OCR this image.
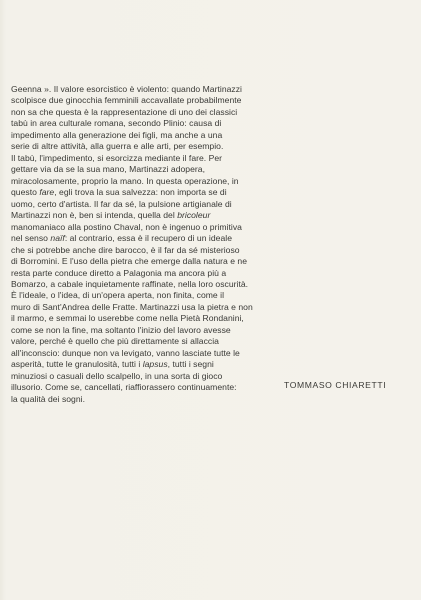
Geenna ». Il valore esorcistico è violento: quando Martinazzi
scolpisce due ginocchia femminili accavallate probabilmente
non sa che questa è la rappresentazione di uno dei classici
tabù in area culturale romana, secondo Plinio: causa di
impedimento alla generazione dei figli, ma anche a una
serie di altre attività, alla guerra e alle arti, per esempio.
Il tabù, l'impedimento, si esorcizza mediante il fare. Per
gettare via da se la sua mano, Martinazzi adopera,
miracolosamente, proprio la mano. In questa operazione, in
questo fare, egli trova la sua salvezza: non importa se di
uomo, certo d'artista. Il far da sé, la pulsione artigianale di
Martinazzi non è, ben si intenda, quella del bricoleur
manomaniaco alla postino Chaval, non è ingenuo o primitiva
nel senso naïf: al contrario, essa è il recupero di un ideale
che si potrebbe anche dire barocco, è il far da sé misterioso
di Borromini. E l'uso della pietra che emerge dalla natura e ne
resta parte conduce diretto a Palagonia ma ancora più a
Bomarzo, a cabale inquietamente raffinate, nella loro oscurità.
È l'ideale, o l'idea, di un'opera aperta, non finita, come il
muro di Sant'Andrea delle Fratte. Martinazzi usa la pietra e non
il marmo, e semmai lo userebbe come nella Pietà Rondanini,
come se non la fine, ma soltanto l'inizio del lavoro avesse
valore, perché è quello che più direttamente si allaccia
all'inconscio: dunque non va levigato, vanno lasciate tutte le
asperità, tutte le granulosità, tutti i lapsus, tutti i segni
minuziosi o casuali dello scalpello, in una sorta di gioco
illusorio. Come se, cancellati, riaffiorassero continuamente:
la qualità dei sogni.
TOMMASO CHIARETTI
